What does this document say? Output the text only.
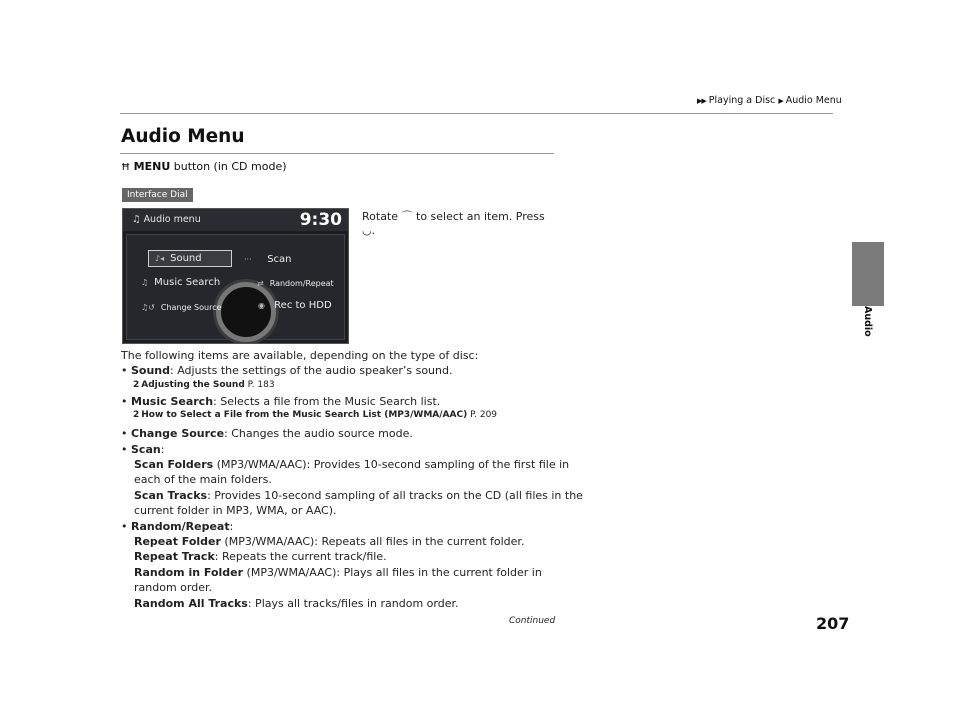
▶▶ Playing a Disc ▶ Audio Menu
Audio Menu
Ħ MENU button (in CD mode)
Audio
Interface Dial
♫ Audio menu	9:30
♪◂ Sound	··· Scan
♫ Music Search	⇄ Random/Repeat
♫↺ Change Source	◉ Rec to HDD
Rotate ⌒ to select an item. Press
◡.
The following items are available, depending on the type of disc:
• Sound: Adjusts the settings of the audio speaker’s sound.
2 Adjusting the Sound P. 183
• Music Search: Selects a file from the Music Search list.
2 How to Select a File from the Music Search List (MP3/WMA/AAC) P. 209
• Change Source: Changes the audio source mode.
• Scan:
Scan Folders (MP3/WMA/AAC): Provides 10-second sampling of the first file in
each of the main folders.
Scan Tracks: Provides 10-second sampling of all tracks on the CD (all files in the
current folder in MP3, WMA, or AAC).
• Random/Repeat:
Repeat Folder (MP3/WMA/AAC): Repeats all files in the current folder.
Repeat Track: Repeats the current track/file.
Random in Folder (MP3/WMA/AAC): Plays all files in the current folder in
random order.
Random All Tracks: Plays all tracks/files in random order.
Continued	207
